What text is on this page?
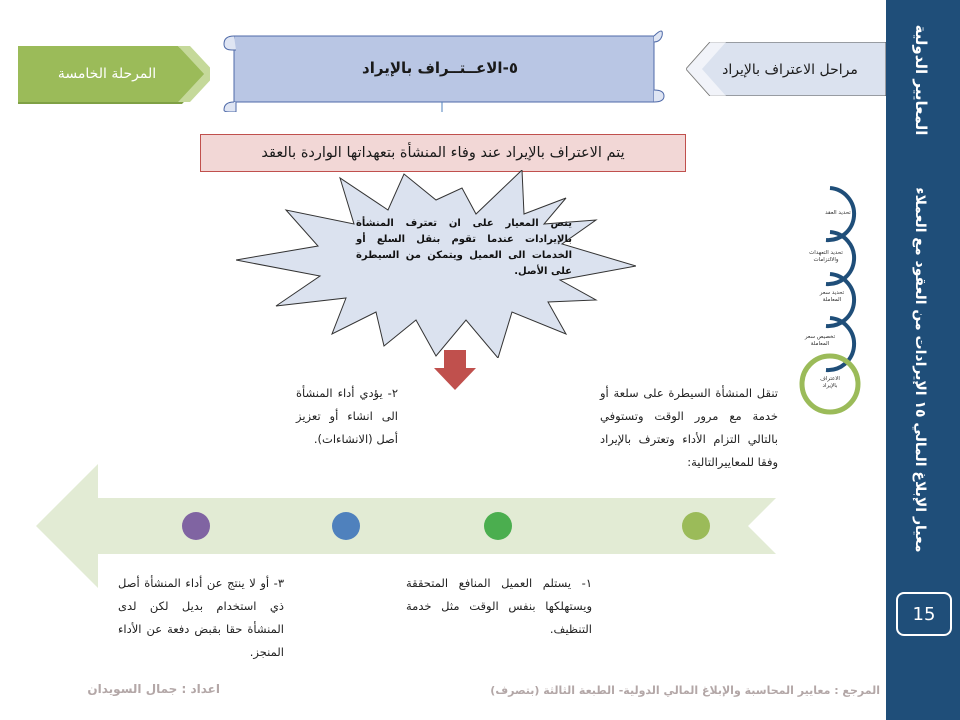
المعايير الدولية
معيار الإبلاغ المالي ١٥ الإيرادات من العقود مع العملاء
15
مراحل الاعتراف بالإيراد
المرحلة الخامسة	٥-الاعــتــراف بالإيراد
يتم الاعتراف بالإيراد عند وفاء المنشأة بتعهداتها الواردة بالعقد
ينص المعيار على ان تعترف المنشأة بالإيرادات عندما تقوم بنقل السلع أو الخدمات الى العميل ويتمكن من السيطرة على الأصل.
تحديد العقد
تحديد التعهدات والالتزامات
تحديد سعر المعاملة
تخصيص سعر المعاملة
الاعتراف بالإيراد
تنقل المنشأة السيطرة على سلعة أو خدمة مع مرور الوقت وتستوفي بالتالي التزام الأداء وتعترف بالإيراد وفقا للمعاييرالتالية:
٢- يؤدي أداء المنشأة الى انشاء أو تعزيز أصل (الانشاءات).
١- يستلم العميل المنافع المتحققة ويستهلكها بنفس الوقت مثل خدمة التنظيف.
٣- أو لا ينتج عن أداء المنشأة أصل ذي استخدام بديل لكن لدى المنشأة حقا بقبض دفعة عن الأداء المنجز.
اعداد : جمال السويدان	المرجع : معايير المحاسبة والإبلاغ المالي الدولية- الطبعة الثالثة (بتصرف)
